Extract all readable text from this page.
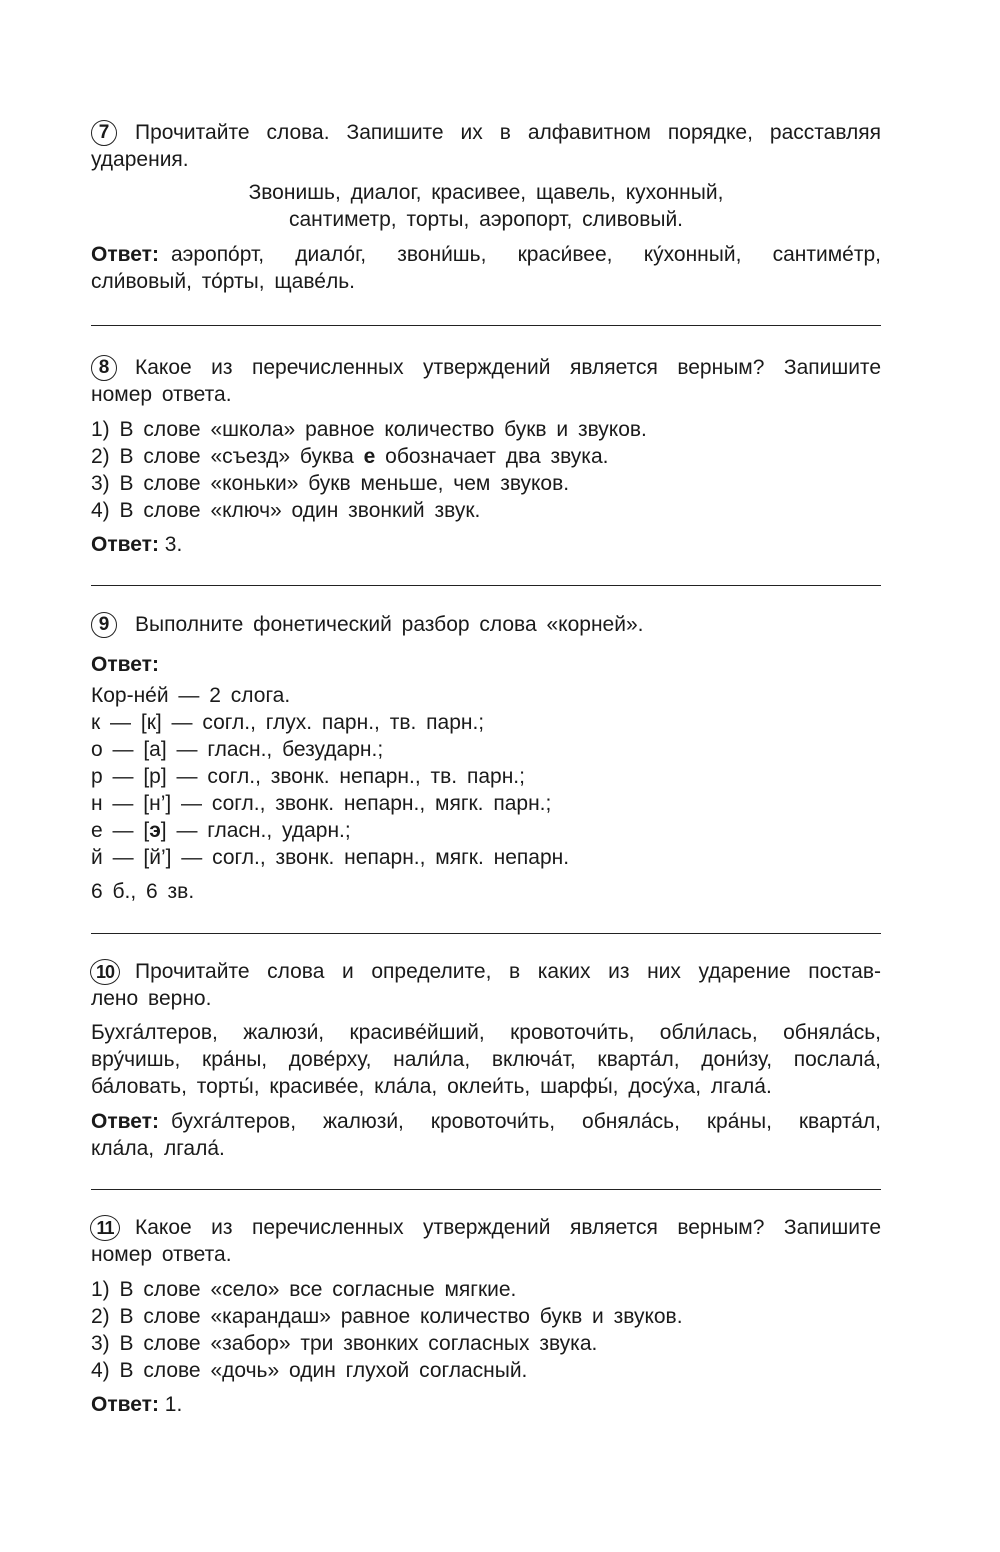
7	Прочитайте слова. Запишите их в алфавитном порядке, расставляя
ударения.
Звонишь, диалог, красивее, щавель, кухонный,
сантиметр, торты, аэропорт, сливовый.
Ответ: аэропо́рт, диало́г, звони́шь, краси́вее, ку́хонный, сантиме́тр,
сли́вовый, то́рты, щаве́ль.
8	Какое из перечисленных утверждений является верным? Запишите
номер ответа.
1) В слове «школа» равное количество букв и звуков.
2) В слове «съезд» буква е обозначает два звука.
3) В слове «коньки» букв меньше, чем звуков.
4) В слове «ключ» один звонкий звук.
Ответ: 3.
9	Выполните фонетический разбор слова «корней».
Ответ:
Кор-не́й — 2 слога.
к — [к] — согл., глух. парн., тв. парн.;
о — [а] — гласн., безударн.;
р — [р] — согл., звонк. непарн., тв. парн.;
н — [н’] — согл., звонк. непарн., мягк. парн.;
е — [э] — гласн., ударн.;
й — [й’] — согл., звонк. непарн., мягк. непарн.
6 б., 6 зв.
10 Прочитайте слова и определите, в каких из них ударение постав-
лено верно.
Бухга́лтеров, жалюзи́, красиве́йший, кровоточи́ть, обли́лась, обняла́сь,
вру́чишь, кра́ны, дове́рху, нали́ла, включа́т, кварта́л, дони́зу, послала́,
ба́ловать, торты́, красиве́е, кла́ла, оклеи́ть, шарфы́, досу́ха, лгала́.
Ответ: бухга́лтеров, жалюзи́, кровоточи́ть, обняла́сь, кра́ны, кварта́л,
кла́ла, лгала́.
11	Какое из перечисленных утверждений является верным? Запишите
номер ответа.
1) В слове «село» все согласные мягкие.
2) В слове «карандаш» равное количество букв и звуков.
3) В слове «забор» три звонких согласных звука.
4) В слове «дочь» один глухой согласный.
Ответ: 1.
